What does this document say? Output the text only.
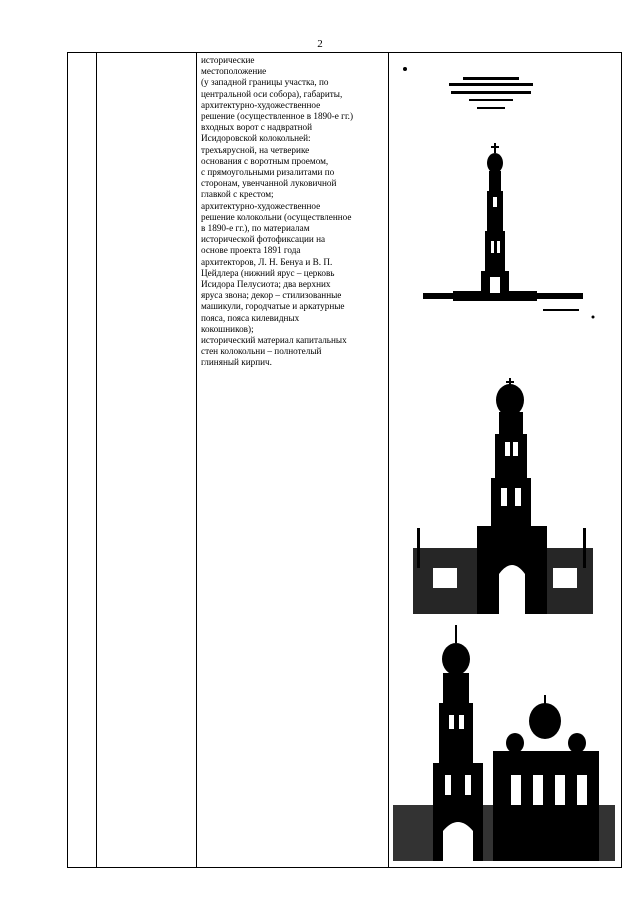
2
исторические
местоположение
(у западной границы участка, по
центральной оси собора), габариты,
архитектурно-художественное
решение (осуществленное в 1890-е гг.)
входных ворот с надвратной
Исидоровской колокольней:
трехъярусной, на четверике
основания с воротным проемом,
с прямоугольными ризалитами по
сторонам, увенчанной луковичной
главкой с крестом;
архитектурно-художественное
решение колокольни (осуществленное
в 1890-е гг.), по материалам
исторической фотофиксации на
основе проекта 1891 года
архитекторов, Л. Н. Бенуа и В. П.
Цейдлера (нижний ярус – церковь
Исидора Пелусиота; два верхних
яруса звона; декор – стилизованные
машикули, городчатые и аркатурные
пояса, пояса килевидных
кокошников);
исторический материал капитальных
стен колокольни – полнотелый
глиняный кирпич.
